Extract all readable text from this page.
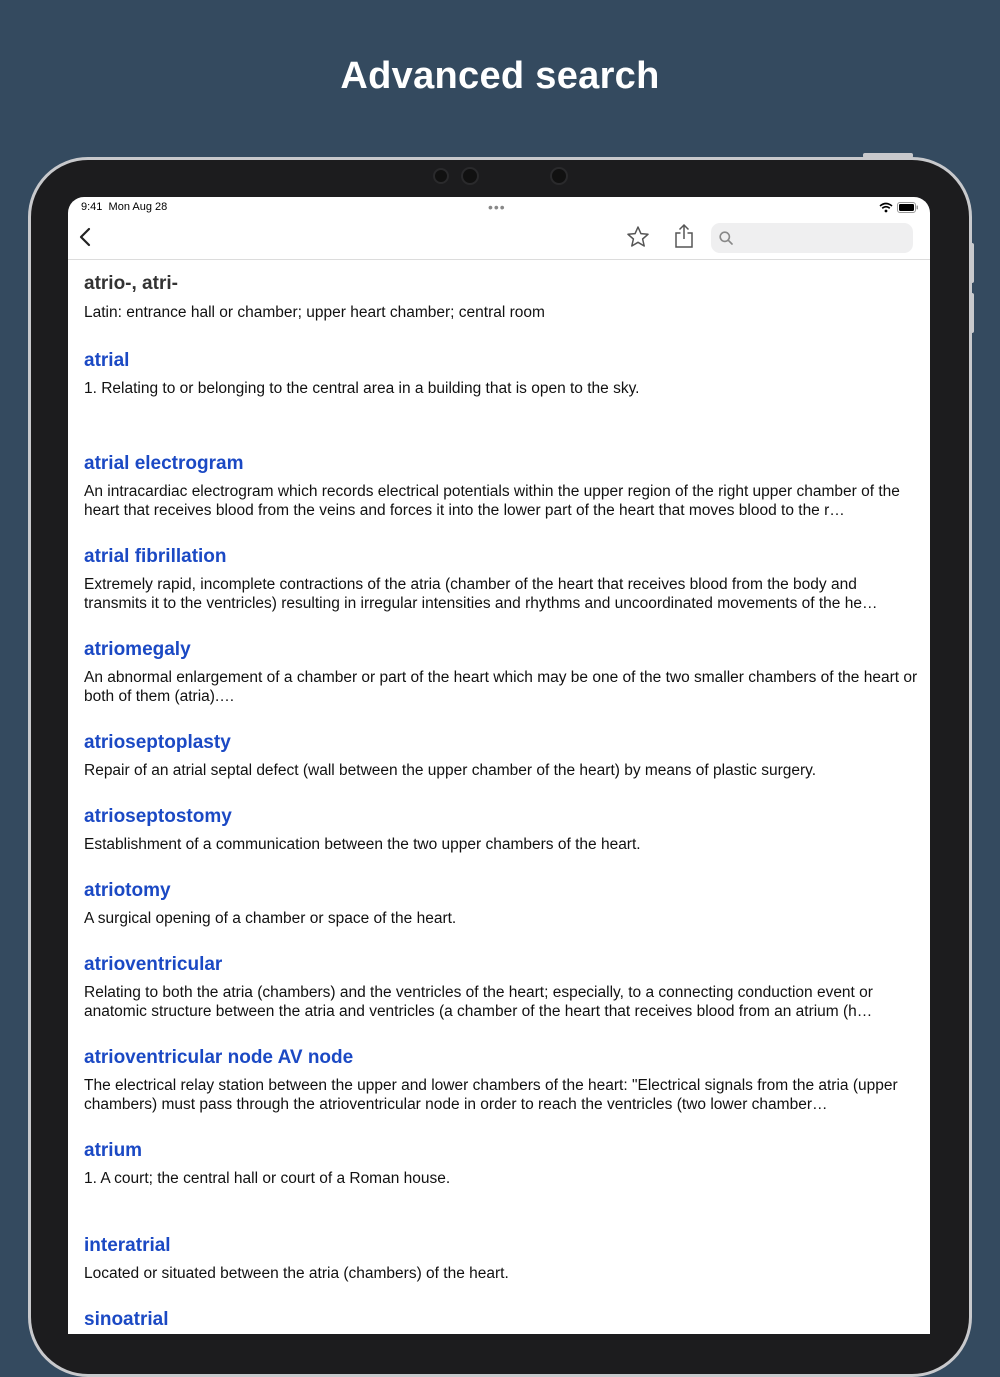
Advanced search
9:41 Mon Aug 28	•••
atrio-, atri-
Latin: entrance hall or chamber; upper heart chamber; central room
atrial
1. Relating to or belonging to the central area in a building that is open to the sky.
atrial electrogram
An intracardiac electrogram which records electrical potentials within the upper region of the right upper chamber of the heart that receives blood from the veins and forces it into the lower part of the heart that moves blood to the r…
atrial fibrillation
Extremely rapid, incomplete contractions of the atria (chamber of the heart that receives blood from the body and transmits it to the ventricles) resulting in irregular intensities and rhythms and uncoordinated movements of the he…
atriomegaly
An abnormal enlargement of a chamber or part of the heart which may be one of the two smaller chambers of the heart or both of them (atria).…
atrioseptoplasty
Repair of an atrial septal defect (wall between the upper chamber of the heart) by means of plastic surgery.
atrioseptostomy
Establishment of a communication between the two upper chambers of the heart.
atriotomy
A surgical opening of a chamber or space of the heart.
atrioventricular
Relating to both the atria (chambers) and the ventricles of the heart; especially, to a connecting conduction event or anatomic structure between the atria and ventricles (a chamber of the heart that receives blood from an atrium (h…
atrioventricular node AV node
The electrical relay station between the upper and lower chambers of the heart: "Electrical signals from the atria (upper chambers) must pass through the atrioventricular node in order to reach the ventricles (two lower chamber…
atrium
1. A court; the central hall or court of a Roman house.
interatrial
Located or situated between the atria (chambers) of the heart.
sinoatrial
